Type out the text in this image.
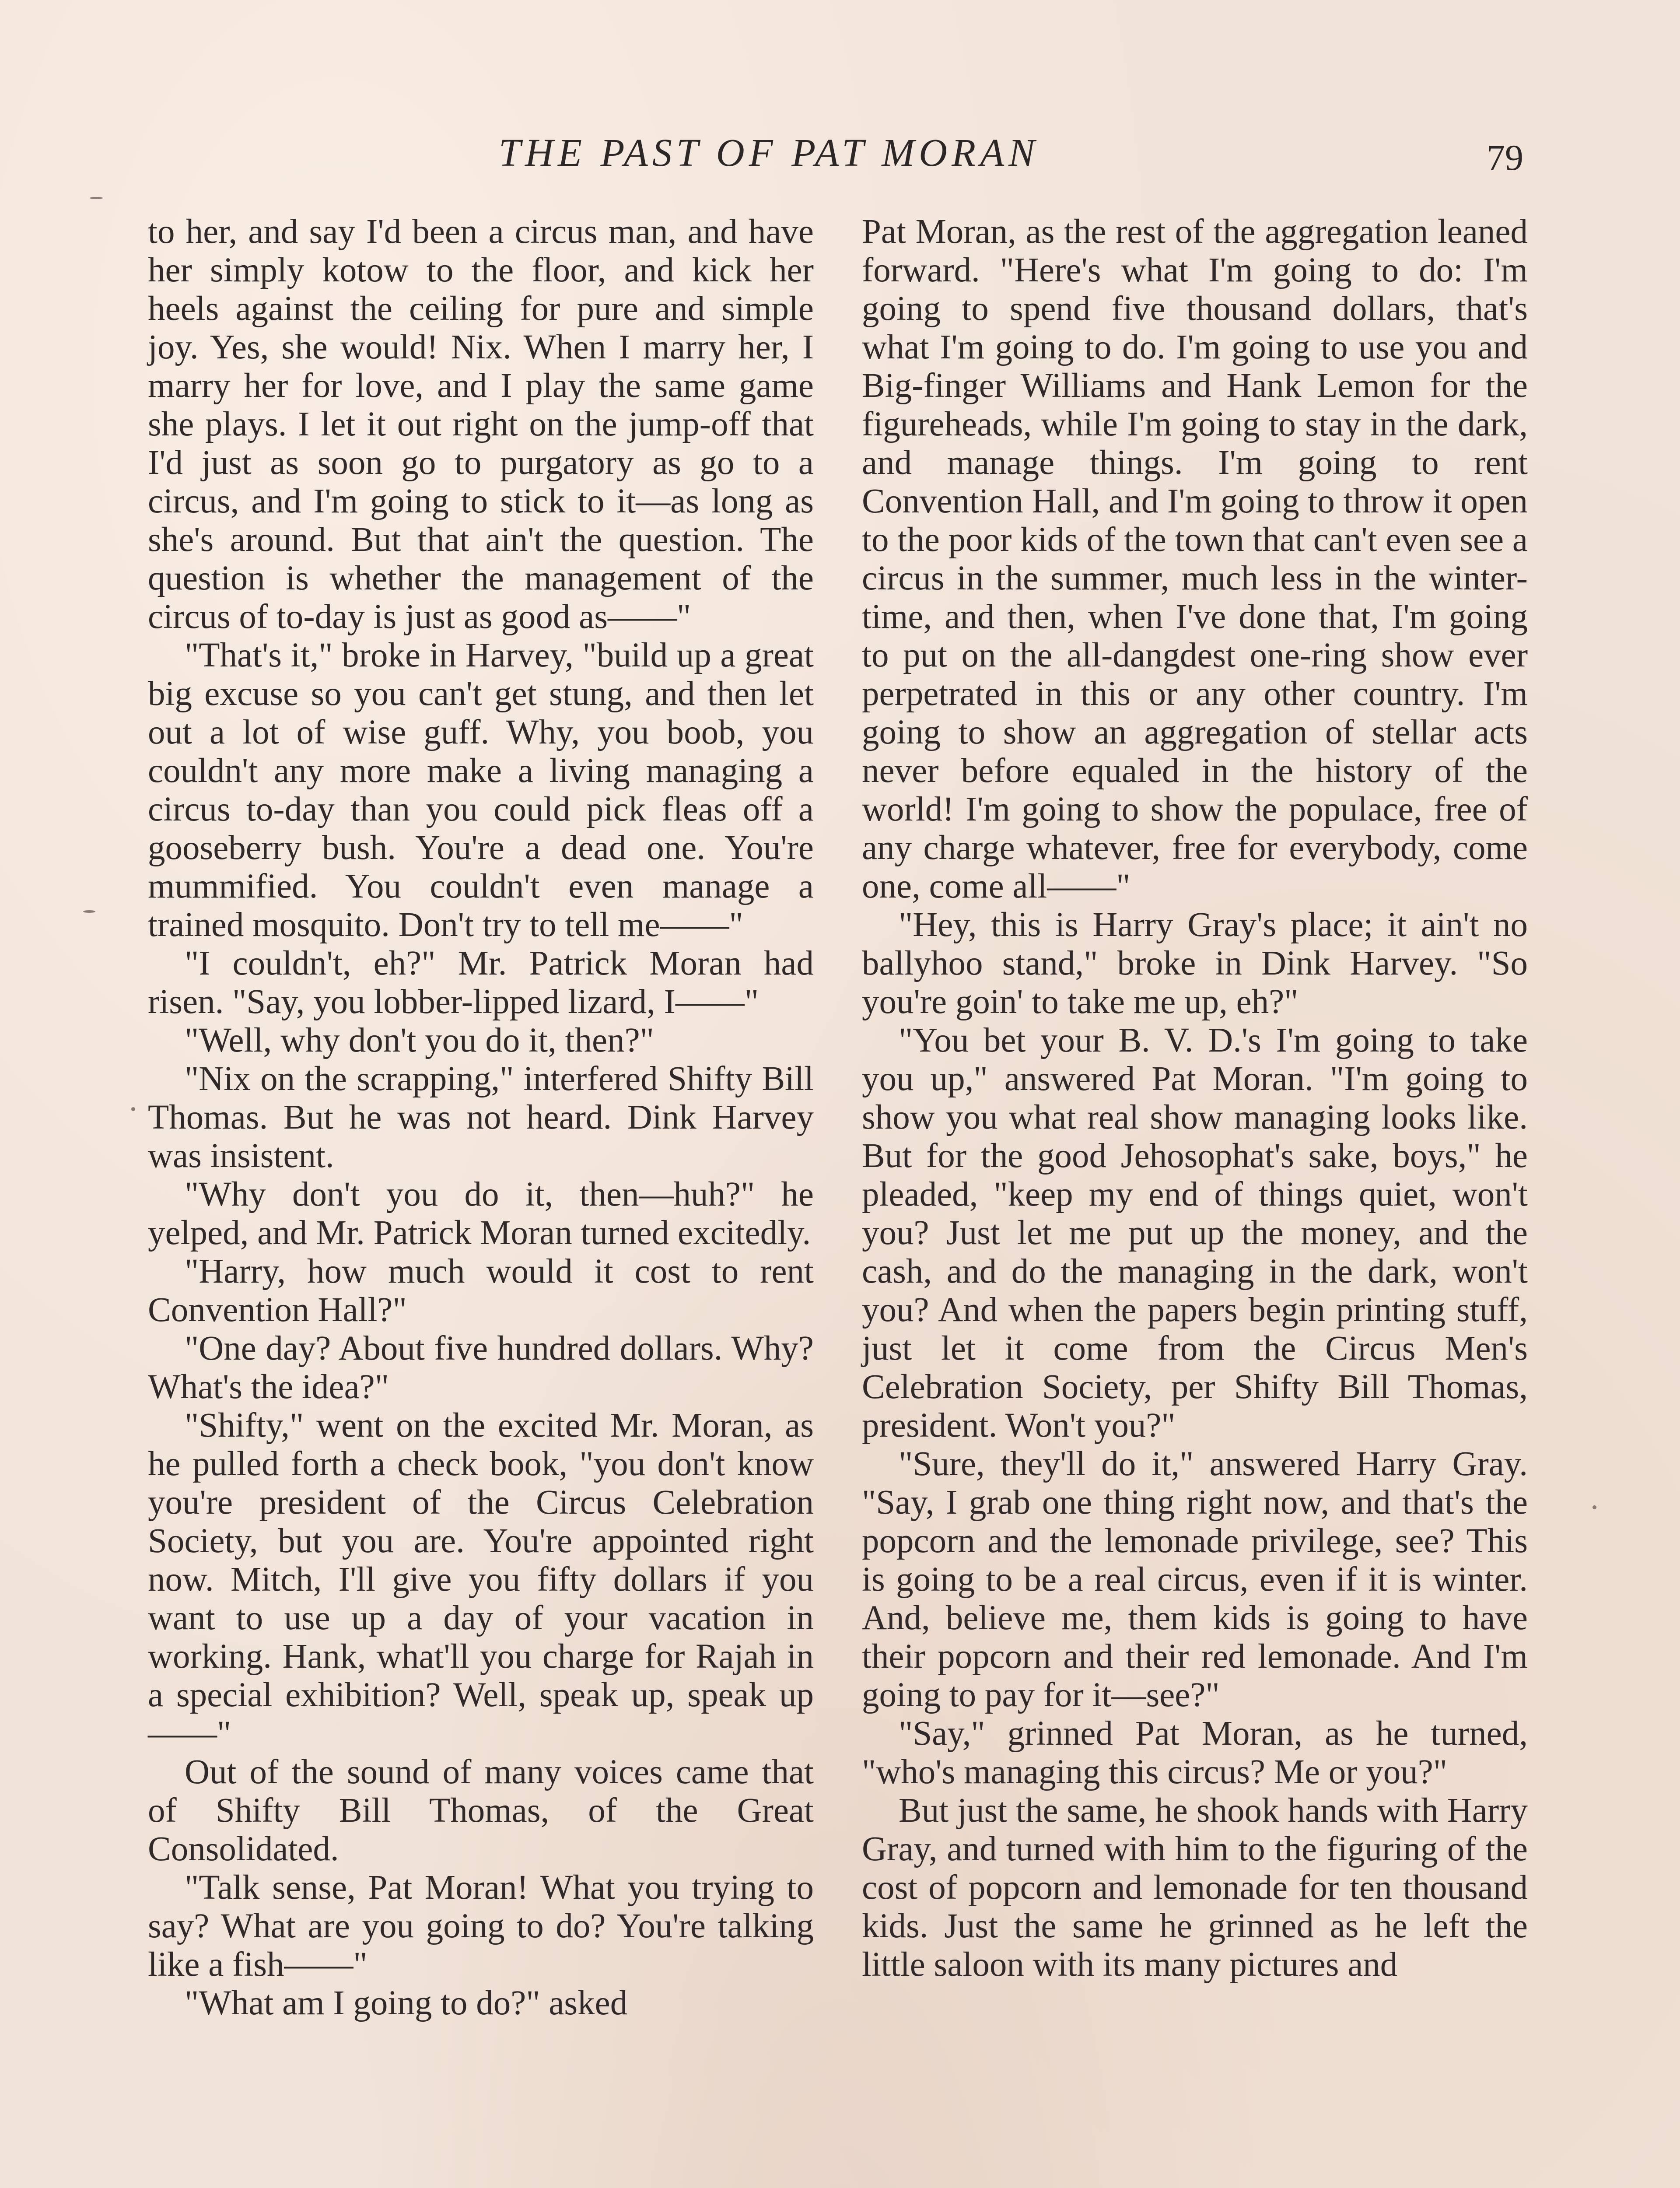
THE PAST OF PAT MORAN	79

to her, and say I'd been a circus man, and have her simply kotow to the floor, and kick her heels against the ceiling for pure and simple joy. Yes, she would! Nix. When I marry her, I marry her for love, and I play the same game she plays. I let it out right on the jump-off that I'd just as soon go to purgatory as go to a circus, and I'm going to stick to it—as long as she's around. But that ain't the question. The question is whether the management of the circus of to-day is just as good as——"

"That's it," broke in Harvey, "build up a great big excuse so you can't get stung, and then let out a lot of wise guff. Why, you boob, you couldn't any more make a living managing a circus to-day than you could pick fleas off a gooseberry bush. You're a dead one. You're mummified. You couldn't even manage a trained mosquito. Don't try to tell me——"

"I couldn't, eh?" Mr. Patrick Moran had risen. "Say, you lobber-lipped lizard, I——"

"Well, why don't you do it, then?"

"Nix on the scrapping," interfered Shifty Bill Thomas. But he was not heard. Dink Harvey was insistent.

"Why don't you do it, then—huh?" he yelped, and Mr. Patrick Moran turned excitedly.

"Harry, how much would it cost to rent Convention Hall?"

"One day? About five hundred dollars. Why? What's the idea?"

"Shifty," went on the excited Mr. Moran, as he pulled forth a check book, "you don't know you're president of the Circus Celebration Society, but you are. You're appointed right now. Mitch, I'll give you fifty dollars if you want to use up a day of your vacation in working. Hank, what'll you charge for Rajah in a special exhibition? Well, speak up, speak up——"

Out of the sound of many voices came that of Shifty Bill Thomas, of the Great Consolidated.

"Talk sense, Pat Moran! What you trying to say? What are you going to do? You're talking like a fish——"

"What am I going to do?" asked

Pat Moran, as the rest of the aggregation leaned forward. "Here's what I'm going to do: I'm going to spend five thousand dollars, that's what I'm going to do. I'm going to use you and Big-finger Williams and Hank Lemon for the figureheads, while I'm going to stay in the dark, and manage things. I'm going to rent Convention Hall, and I'm going to throw it open to the poor kids of the town that can't even see a circus in the summer, much less in the winter-time, and then, when I've done that, I'm going to put on the all-dangdest one-ring show ever perpetrated in this or any other country. I'm going to show an aggregation of stellar acts never before equaled in the history of the world! I'm going to show the populace, free of any charge whatever, free for everybody, come one, come all——"

"Hey, this is Harry Gray's place; it ain't no ballyhoo stand," broke in Dink Harvey. "So you're goin' to take me up, eh?"

"You bet your B. V. D.'s I'm going to take you up," answered Pat Moran. "I'm going to show you what real show managing looks like. But for the good Jehosophat's sake, boys," he pleaded, "keep my end of things quiet, won't you? Just let me put up the money, and the cash, and do the managing in the dark, won't you? And when the papers begin printing stuff, just let it come from the Circus Men's Celebration Society, per Shifty Bill Thomas, president. Won't you?"

"Sure, they'll do it," answered Harry Gray. "Say, I grab one thing right now, and that's the popcorn and the lemonade privilege, see? This is going to be a real circus, even if it is winter. And, believe me, them kids is going to have their popcorn and their red lemonade. And I'm going to pay for it—see?"

"Say," grinned Pat Moran, as he turned, "who's managing this circus? Me or you?"

But just the same, he shook hands with Harry Gray, and turned with him to the figuring of the cost of popcorn and lemonade for ten thousand kids. Just the same he grinned as he left the little saloon with its many pictures and
